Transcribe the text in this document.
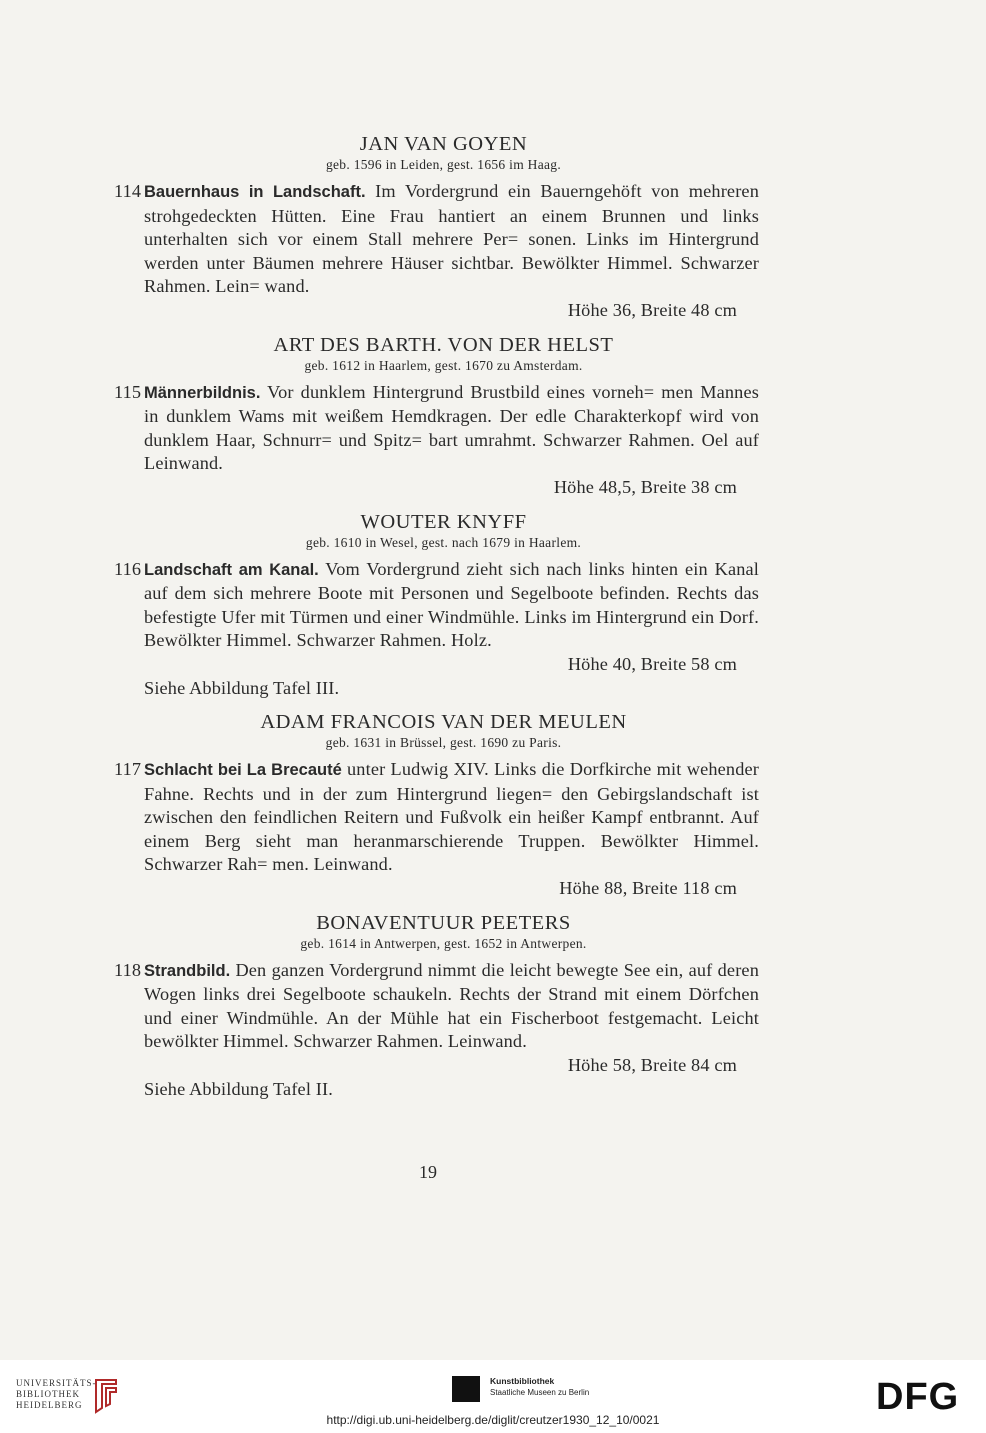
JAN VAN GOYEN
geb. 1596 in Leiden, gest. 1656 im Haag.
114 Bauernhaus in Landschaft. Im Vordergrund ein Bauerngehöft von mehreren strohgedeckten Hütten. Eine Frau hantiert an einem Brunnen und links unterhalten sich vor einem Stall mehrere Per= sonen. Links im Hintergrund werden unter Bäumen mehrere Häuser sichtbar. Bewölkter Himmel. Schwarzer Rahmen. Lein= wand.

Höhe 36, Breite 48 cm

ART DES BARTH. VON DER HELST
geb. 1612 in Haarlem, gest. 1670 zu Amsterdam.
115 Männerbildnis. Vor dunklem Hintergrund Brustbild eines vorneh= men Mannes in dunklem Wams mit weißem Hemdkragen. Der edle Charakterkopf wird von dunklem Haar, Schnurr= und Spitz= bart umrahmt. Schwarzer Rahmen. Oel auf Leinwand.

Höhe 48,5, Breite 38 cm

WOUTER KNYFF
geb. 1610 in Wesel, gest. nach 1679 in Haarlem.
116 Landschaft am Kanal. Vom Vordergrund zieht sich nach links hinten ein Kanal auf dem sich mehrere Boote mit Personen und Segelboote befinden. Rechts das befestigte Ufer mit Türmen und einer Windmühle. Links im Hintergrund ein Dorf. Bewölkter Himmel. Schwarzer Rahmen. Holz.

Höhe 40, Breite 58 cm

Siehe Abbildung Tafel III.

ADAM FRANCOIS VAN DER MEULEN
geb. 1631 in Brüssel, gest. 1690 zu Paris.
117 Schlacht bei La Brecauté unter Ludwig XIV. Links die Dorfkirche mit wehender Fahne. Rechts und in der zum Hintergrund liegen= den Gebirgslandschaft ist zwischen den feindlichen Reitern und Fußvolk ein heißer Kampf entbrannt. Auf einem Berg sieht man heranmarschierende Truppen. Bewölkter Himmel. Schwarzer Rah= men. Leinwand.

Höhe 88, Breite 118 cm

BONAVENTUUR PEETERS
geb. 1614 in Antwerpen, gest. 1652 in Antwerpen.
118 Strandbild. Den ganzen Vordergrund nimmt die leicht bewegte See ein, auf deren Wogen links drei Segelboote schaukeln. Rechts der Strand mit einem Dörfchen und einer Windmühle. An der Mühle hat ein Fischerboot festgemacht. Leicht bewölkter Himmel. Schwarzer Rahmen. Leinwand.

Höhe 58, Breite 84 cm

Siehe Abbildung Tafel II.

19
UNIVERSITÄTS-
BIBLIOTHEK
HEIDELBERG
Kunstbibliothek
Staatliche Museen zu Berlin	DFG
http://digi.ub.uni-heidelberg.de/diglit/creutzer1930_12_10/0021
